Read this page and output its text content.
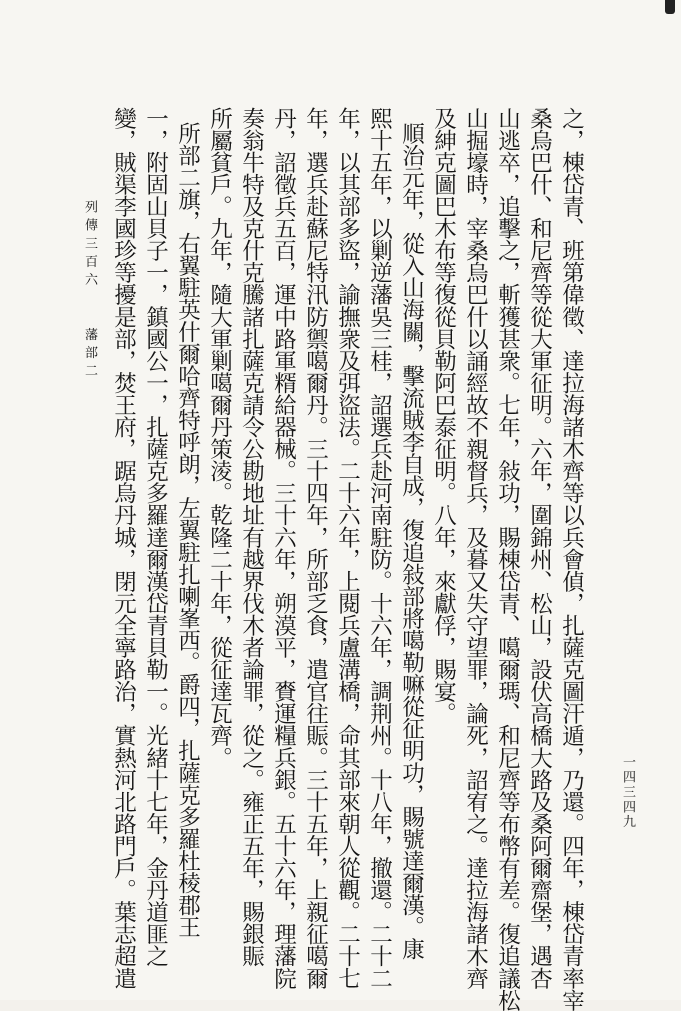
之，棟岱青、班第偉徵、達拉海諸木齊等以兵會偵，扎薩克圖汗遁，乃還。四年，棟岱青率宰
桑烏巴什、和尼齊等從大軍征明。六年，圍錦州、松山，設伏高橋大路及桑阿爾齋堡，遇杏
山逃卒，追擊之，斬獲甚衆。七年，敍功，賜棟岱青、噶爾瑪、和尼齊等布幣有差。復追議松
山掘壕時，宰桑烏巴什以誦經故不親督兵，及暮又失守望罪，論死，詔宥之。達拉海諸木齊
及紳克圖巴木布等復從貝勒阿巴泰征明。八年，來獻俘，賜宴。
順治元年，從入山海關，擊流賊李自成，復追敍部將噶勒嘛從征明功，賜號達爾漢。康
熙十五年，以剿逆藩吳三桂，詔選兵赴河南駐防。十六年，調荆州。十八年，撤還。二十二
年，以其部多盜，諭撫衆及弭盜法。二十六年，上閱兵盧溝橋，命其部來朝人從觀。二十七
年，選兵赴蘇尼特汛防禦噶爾丹。三十四年，所部乏食，遣官往賑。三十五年，上親征噶爾
丹，詔徵兵五百，運中路軍糈給器械。三十六年，朔漠平，賚運糧兵銀。五十六年，理藩院
奏翁牛特及克什克騰諸扎薩克請令公勘地址有越界伐木者論罪，從之。雍正五年，賜銀賑
所屬貧戶。九年，隨大軍剿噶爾丹策淩。乾隆二十年，從征達瓦齊。
所部二旗，右翼駐英什爾哈齊特呼朗，左翼駐扎喇峯西。爵四，扎薩克多羅杜稜郡王
一，附固山貝子一，鎮國公一，扎薩克多羅達爾漢岱青貝勒一。光緒十七年，金丹道匪之
變，賊渠李國珍等擾是部，焚王府，踞烏丹城，閉元全寧路治，實熱河北路門戶。葉志超遣
列傳三百六　　藩部二
一四三四九
